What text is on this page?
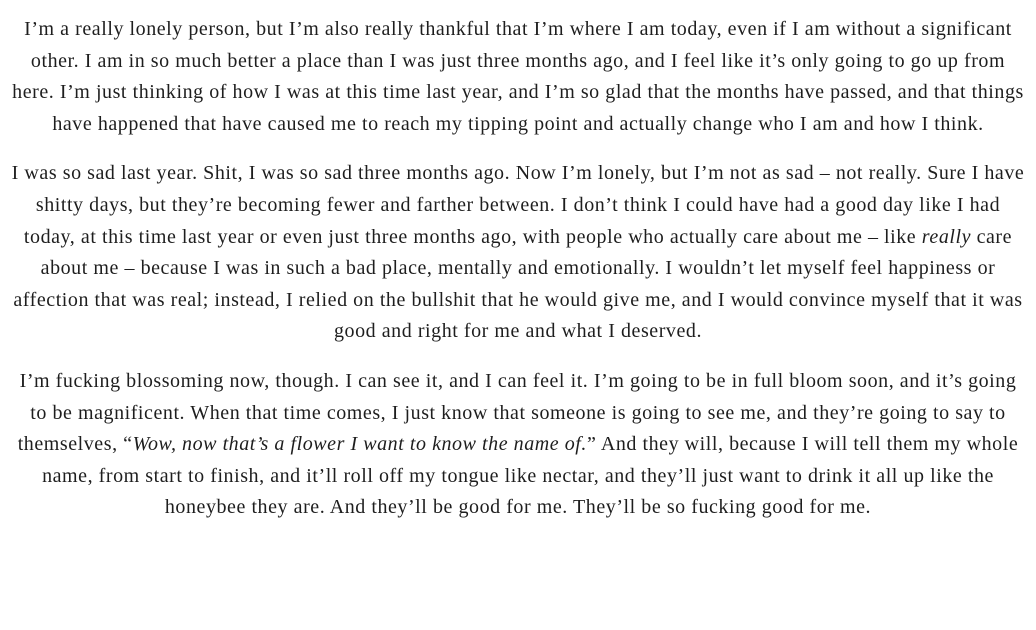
I’m a really lonely person, but I’m also really thankful that I’m where I am today, even if I am without a significant other. I am in so much better a place than I was just three months ago, and I feel like it’s only going to go up from here. I’m just thinking of how I was at this time last year, and I’m so glad that the months have passed, and that things have happened that have caused me to reach my tipping point and actually change who I am and how I think.

I was so sad last year. Shit, I was so sad three months ago. Now I’m lonely, but I’m not as sad – not really. Sure I have shitty days, but they’re becoming fewer and farther between. I don’t think I could have had a good day like I had today, at this time last year or even just three months ago, with people who actually care about me – like really care about me – because I was in such a bad place, mentally and emotionally. I wouldn’t let myself feel happiness or affection that was real; instead, I relied on the bullshit that he would give me, and I would convince myself that it was good and right for me and what I deserved.

I’m fucking blossoming now, though. I can see it, and I can feel it. I’m going to be in full bloom soon, and it’s going to be magnificent. When that time comes, I just know that someone is going to see me, and they’re going to say to themselves, “Wow, now that’s a flower I want to know the name of.” And they will, because I will tell them my whole name, from start to finish, and it’ll roll off my tongue like nectar, and they’ll just want to drink it all up like the honeybee they are. And they’ll be good for me. They’ll be so fucking good for me.
